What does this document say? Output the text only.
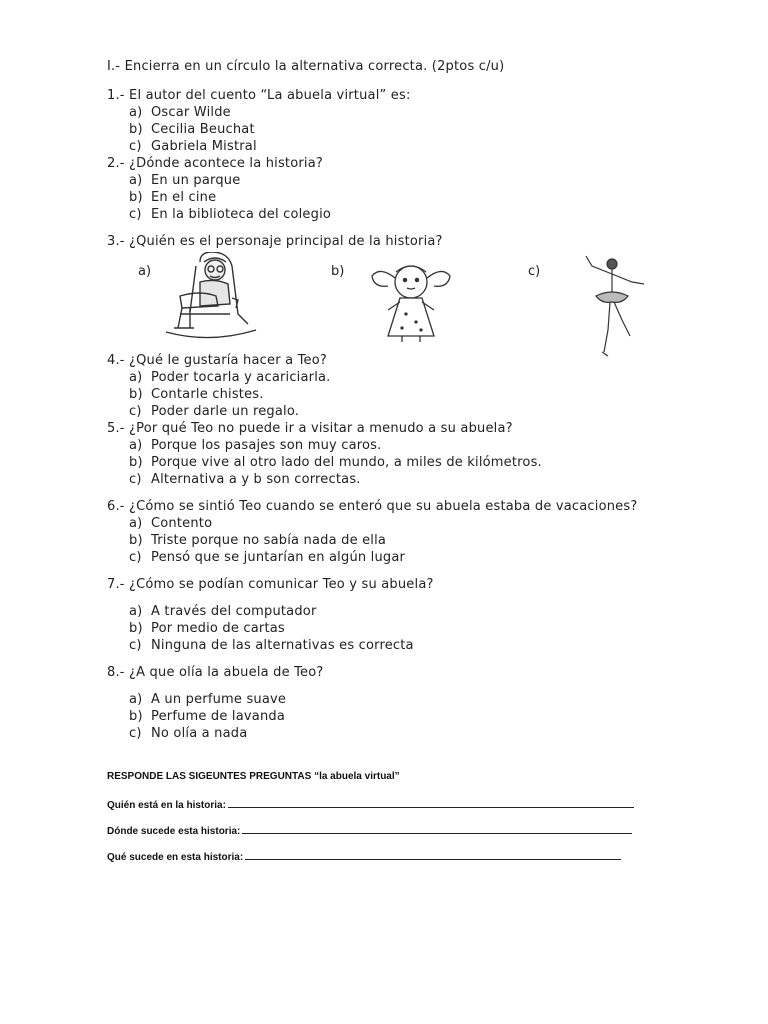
I.- Encierra en un círculo la alternativa correcta. (2ptos c/u)
1.- El autor del cuento “La abuela virtual” es:
a) Oscar Wilde
b) Cecilia Beuchat
c) Gabriela Mistral
2.- ¿Dónde acontece la historia?
a) En un parque
b) En el cine
c) En la biblioteca del colegio
3.- ¿Quién es el personaje principal de la historia?
a)	b)	c)
4.- ¿Qué le gustaría hacer a Teo?
a) Poder tocarla y acariciarla.
b) Contarle chistes.
c) Poder darle un regalo.
5.- ¿Por qué Teo no puede ir a visitar a menudo a su abuela?
a) Porque los pasajes son muy caros.
b) Porque vive al otro lado del mundo, a miles de kilómetros.
c) Alternativa a y b son correctas.
6.- ¿Cómo se sintió Teo cuando se enteró que su abuela estaba de vacaciones?
a) Contento
b) Triste porque no sabía nada de ella
c) Pensó que se juntarían en algún lugar
7.- ¿Cómo se podían comunicar Teo y su abuela?
a) A través del computador
b) Por medio de cartas
c) Ninguna de las alternativas es correcta
8.- ¿A que olía la abuela de Teo?
a) A un perfume suave
b) Perfume de lavanda
c) No olía a nada
RESPONDE LAS SIGEUNTES PREGUNTAS “la abuela virtual”
Quién está en la historia:
Dónde sucede esta historia:
Qué sucede en esta historia:
